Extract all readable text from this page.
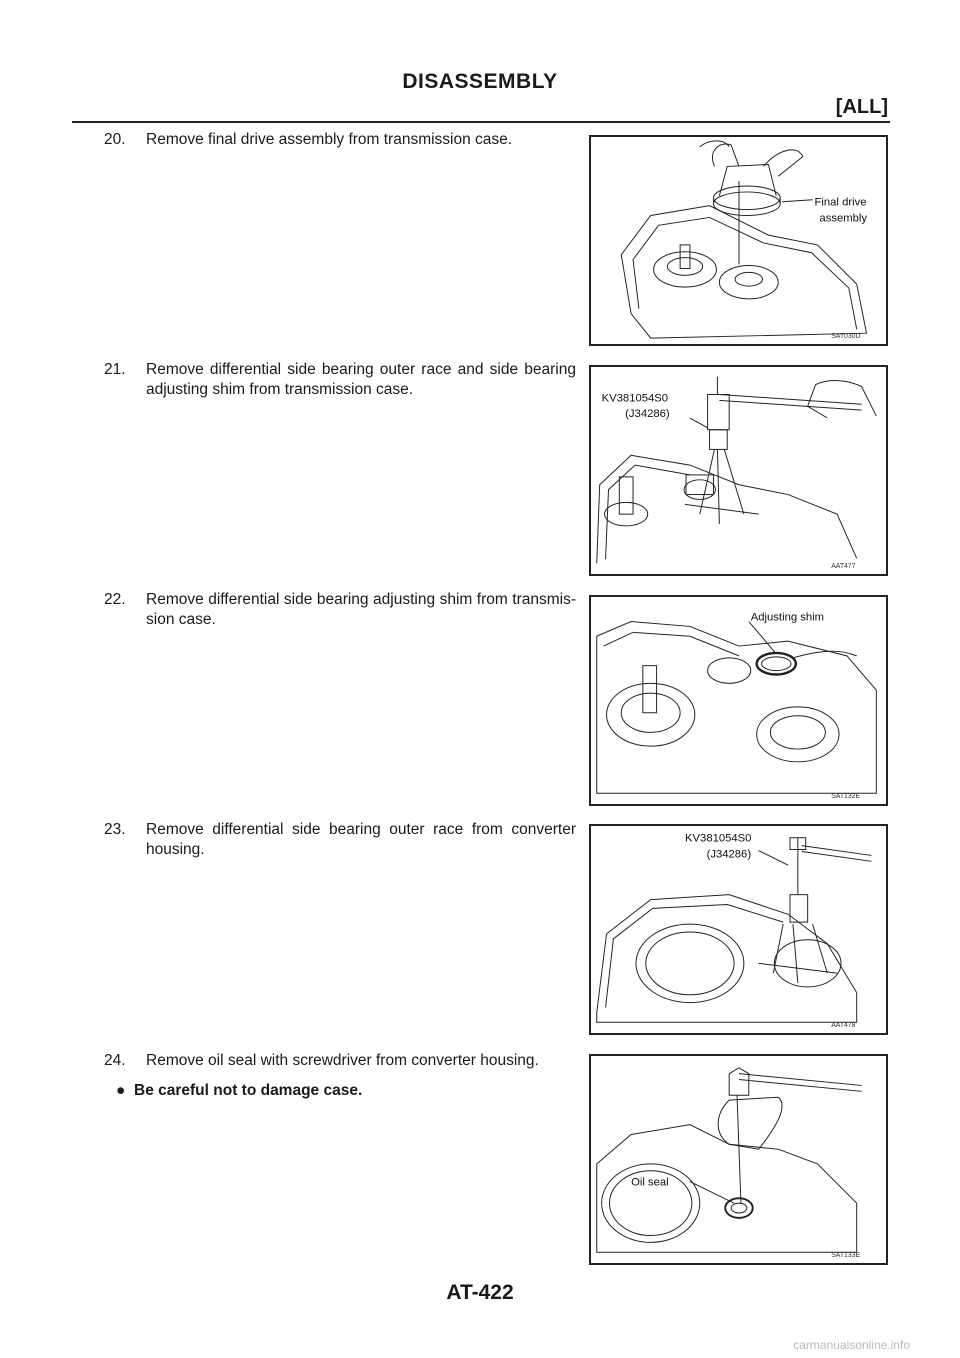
DISASSEMBLY
[ALL]
20.	Remove final drive assembly from transmission case.
21.	Remove differential side bearing outer race and side bearing adjusting shim from transmission case.
22.	Remove differential side bearing adjusting shim from transmis-sion case.
23.	Remove differential side bearing outer race from converter housing.
24.	Remove oil seal with screwdriver from converter housing.
● Be careful not to damage case.
Final drive
assembly
SAT030D
KV381054S0
(J34286)
AAT477
Adjusting shim
SAT132E
KV381054S0
(J34286)
AAT478
Oil seal
SAT133E
AT-422
carmanualsonline.info
